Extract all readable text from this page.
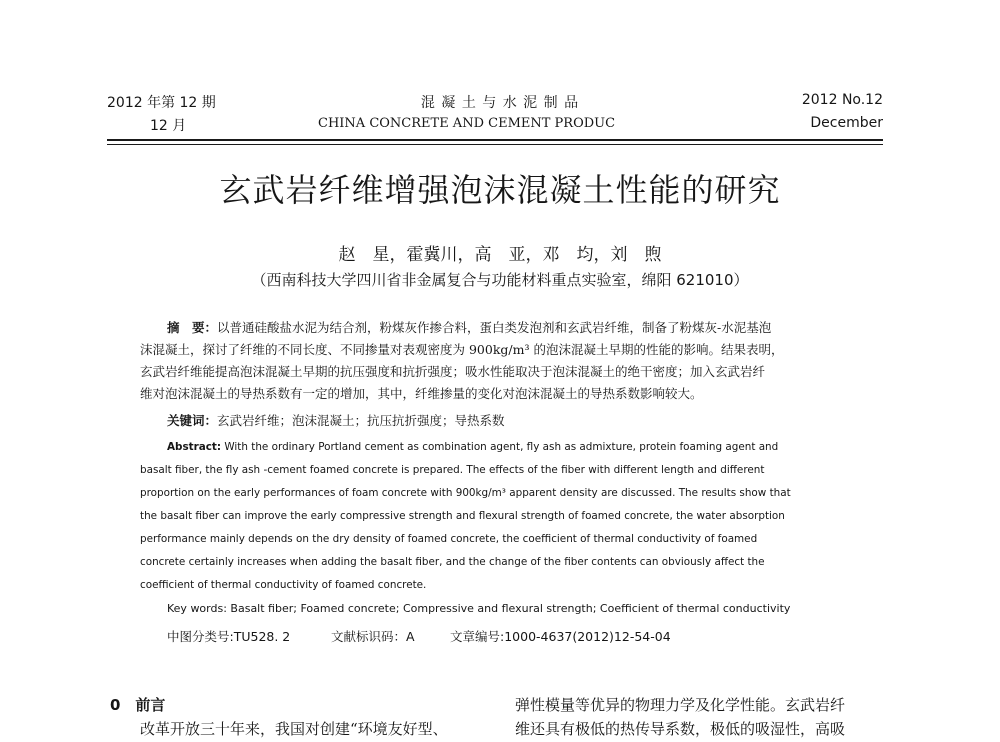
2012 年第 12 期
12 月
混 凝 土 与 水 泥 制 品
CHINA CONCRETE AND CEMENT PRODUC
2012 No.12
December
玄武岩纤维增强泡沫混凝土性能的研究
赵　星，霍冀川，高　亚，邓　均，刘　煦
（西南科技大学四川省非金属复合与功能材料重点实验室，绵阳 621010）
摘　要：以普通硅酸盐水泥为结合剂，粉煤灰作掺合料，蛋白类发泡剂和玄武岩纤维，制备了粉煤灰-水泥基泡
沫混凝土，探讨了纤维的不同长度、不同掺量对表观密度为 900kg/m³ 的泡沫混凝土早期的性能的影响。结果表明，
玄武岩纤维能提高泡沫混凝土早期的抗压强度和抗折强度；吸水性能取决于泡沫混凝土的绝干密度；加入玄武岩纤
维对泡沫混凝土的导热系数有一定的增加，其中，纤维掺量的变化对泡沫混凝土的导热系数影响较大。
关键词：玄武岩纤维；泡沫混凝土；抗压抗折强度；导热系数
Abstract: With the ordinary Portland cement as combination agent, fly ash as admixture, protein foaming agent and
basalt fiber, the fly ash -cement foamed concrete is prepared. The effects of the fiber with different length and different
proportion on the early performances of foam concrete with 900kg/m³ apparent density are discussed. The results show that
the basalt fiber can improve the early compressive strength and flexural strength of foamed concrete, the water absorption
performance mainly depends on the dry density of foamed concrete, the coefficient of thermal conductivity of foamed
concrete certainly increases when adding the basalt fiber, and the change of the fiber contents can obviously affect the
coefficient of thermal conductivity of foamed concrete.
Key words: Basalt fiber; Foamed concrete; Compressive and flexural strength; Coefficient of thermal conductivity
中图分类号:TU528. 2	文献标识码：A	文章编号:1000-4637(2012)12-54-04
0　前言
改革开放三十年来，我国对创建“环境友好型、
弹性模量等优异的物理力学及化学性能。玄武岩纤
维还具有极低的热传导系数，极低的吸湿性，高吸
